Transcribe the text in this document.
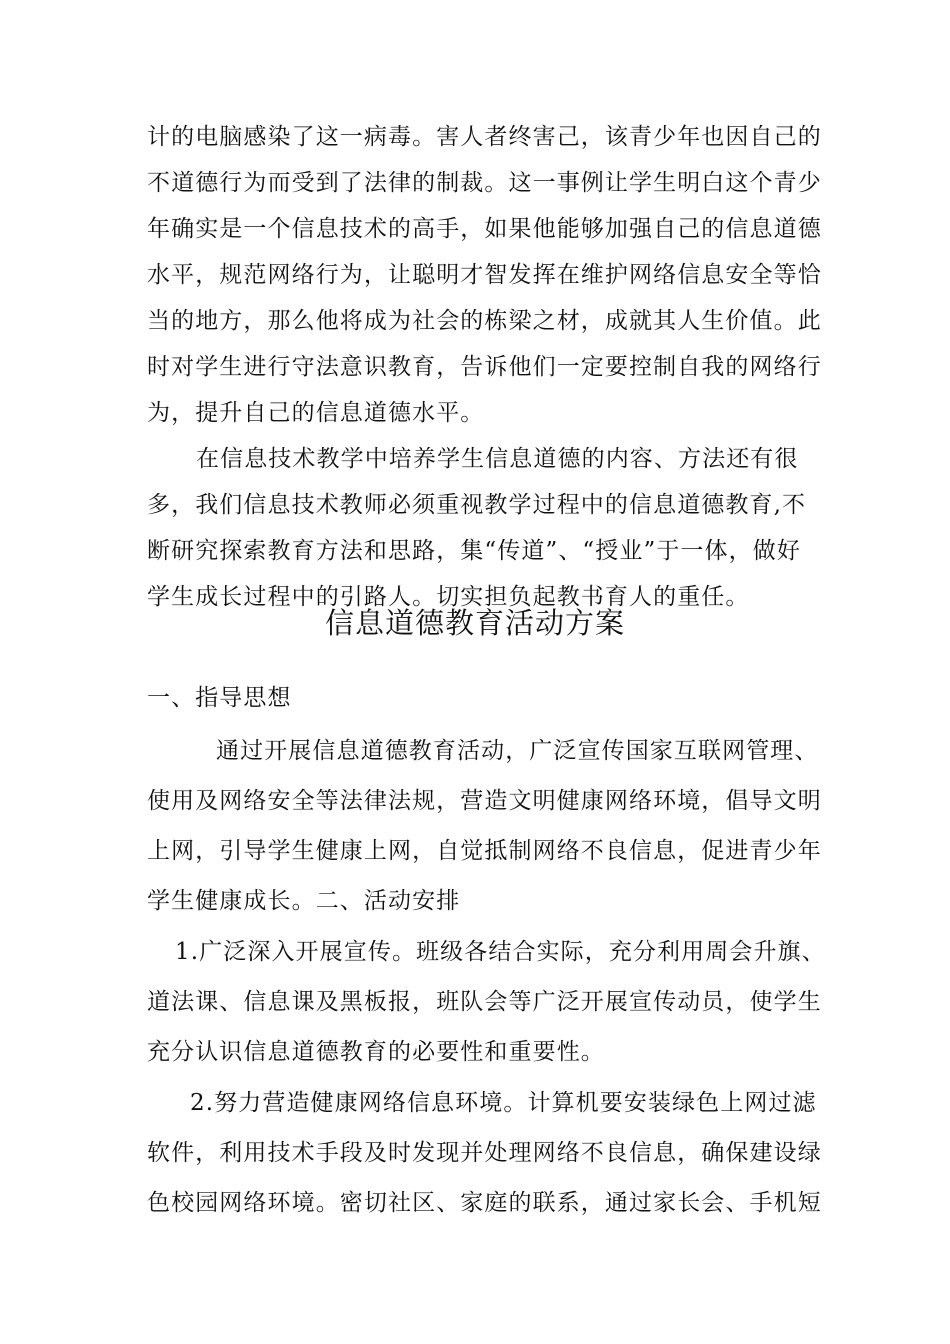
计的电脑感染了这一病毒。害人者终害己，该青少年也因自己的
不道德行为而受到了法律的制裁。这一事例让学生明白这个青少
年确实是一个信息技术的高手，如果他能够加强自己的信息道德
水平，规范网络行为，让聪明才智发挥在维护网络信息安全等恰
当的地方，那么他将成为社会的栋梁之材，成就其人生价值。此
时对学生进行守法意识教育，告诉他们一定要控制自我的网络行
为，提升自己的信息道德水平。
在信息技术教学中培养学生信息道德的内容、方法还有很
多，我们信息技术教师必须重视教学过程中的信息道德教育,不
断研究探索教育方法和思路，集“传道”、“授业”于一体，做好
学生成长过程中的引路人。切实担负起教书育人的重任。
信息道德教育活动方案
一、指导思想
通过开展信息道德教育活动，广泛宣传国家互联网管理、
使用及网络安全等法律法规，营造文明健康网络环境，倡导文明
上网，引导学生健康上网，自觉抵制网络不良信息，促进青少年
学生健康成长。二、活动安排
1.广泛深入开展宣传。班级各结合实际，充分利用周会升旗、
道法课、信息课及黑板报，班队会等广泛开展宣传动员，使学生
充分认识信息道德教育的必要性和重要性。
2.努力营造健康网络信息环境。计算机要安装绿色上网过滤
软件，利用技术手段及时发现并处理网络不良信息，确保建设绿
色校园网络环境。密切社区、家庭的联系，通过家长会、手机短
